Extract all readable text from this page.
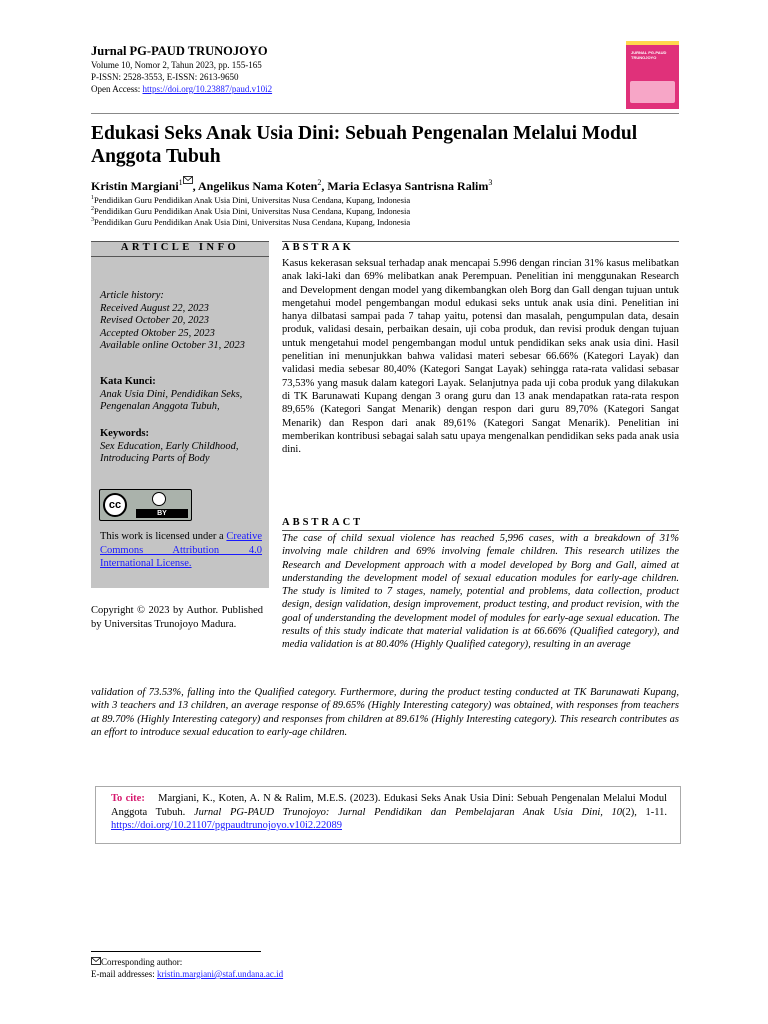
Jurnal PG-PAUD TRUNOJOYO
Volume 10, Nomor 2, Tahun 2023, pp. 155-165
P-ISSN: 2528-3553, E-ISSN: 2613-9650
Open Access: https://doi.org/10.23887/paud.v10i2
JURNAL PG-PAUD TRUNOJOYO
Edukasi Seks Anak Usia Dini: Sebuah Pengenalan Melalui Modul Anggota Tubuh
Kristin Margiani$^1$ , Angelikus Nama Koten$^2$, Maria Eclasya Santrisna Ralim$^3$
$^1$Pendidikan Guru Pendidikan Anak Usia Dini, Universitas Nusa Cendana, Kupang, Indonesia
$^2$Pendidikan Guru Pendidikan Anak Usia Dini, Universitas Nusa Cendana, Kupang, Indonesia
$^3$Pendidikan Guru Pendidikan Anak Usia Dini, Universitas Nusa Cendana, Kupang, Indonesia
ARTICLE INFO
Article history:
Received August 22, 2023
Revised October 20, 2023
Accepted Oktober 25, 2023
Available online October 31, 2023
Kata Kunci:
Anak Usia Dini, Pendidikan Seks, Pengenalan Anggota Tubuh,
Keywords:
Sex Education, Early Childhood, Introducing Parts of Body
cc
BY
This work is licensed under a Creative Commons Attribution 4.0 International License.
Copyright © 2023 by Author. Published by Universitas Trunojoyo Madura.
ABSTRAK
Kasus kekerasan seksual terhadap anak mencapai 5.996 dengan rincian 31% kasus melibatkan anak laki-laki dan 69% melibatkan anak Perempuan. Penelitian ini menggunakan Research and Development dengan model yang dikembangkan oleh Borg dan Gall dengan tujuan untuk mengetahui model pengembangan modul edukasi seks untuk anak usia dini. Penelitian ini hanya dilbatasi sampai pada 7 tahap yaitu, potensi dan masalah, pengumpulan data, desain produk, validasi desain, perbaikan desain, uji coba produk, dan revisi produk dengan tujuan untuk mengetahui model pengembangan modul untuk pendidikan seks anak usia dini. Hasil penelitian ini menunjukkan bahwa validasi materi sebesar 66.66% (Kategori Layak) dan validasi media sebesar 80,40% (Kategori Sangat Layak) sehingga rata-rata validasi sebasar 73,53% yang masuk dalam kategori Layak. Selanjutnya pada uji coba produk yang dilakukan di TK Barunawati Kupang dengan 3 orang guru dan 13 anak mendapatkan rata-rata respon 89,65% (Kategori Sangat Menarik) dengan respon dari guru 89,70% (Kategori Sangat Menarik) dan Respon dari anak 89,61% (Kategori Sangat Menarik). Penelitian ini memberikan kontribusi sebagai salah satu upaya mengenalkan pendidikan seks pada anak usia dini.
ABSTRACT
The case of child sexual violence has reached 5,996 cases, with a breakdown of 31% involving male children and 69% involving female children. This research utilizes the Research and Development approach with a model developed by Borg and Gall, aimed at understanding the development model of sexual education modules for early-age children. The study is limited to 7 stages, namely, potential and problems, data collection, product design, design validation, design improvement, product testing, and product revision, with the goal of understanding the development model of modules for early-age sexual education. The results of this study indicate that material validation is at 66.66% (Qualified category), and media validation is at 80.40% (Highly Qualified category), resulting in an average
validation of 73.53%, falling into the Qualified category. Furthermore, during the product testing conducted at TK Barunawati Kupang, with 3 teachers and 13 children, an average response of 89.65% (Highly Interesting category) was obtained, with responses from teachers at 89.70% (Highly Interesting category) and responses from children at 89.61% (Highly Interesting category). This research contributes as an effort to introduce sexual education to early-age children.
To cite: Margiani, K., Koten, A. N & Ralim, M.E.S. (2023). Edukasi Seks Anak Usia Dini: Sebuah Pengenalan Melalui Modul Anggota Tubuh. Jurnal PG-PAUD Trunojoyo: Jurnal Pendidikan dan Pembelajaran Anak Usia Dini, 10(2), 1-11. https://doi.org/10.21107/pgpaudtrunojoyo.v10i2.22089
Corresponding author:
E-mail addresses: kristin.margiani@staf.undana.ac.id
